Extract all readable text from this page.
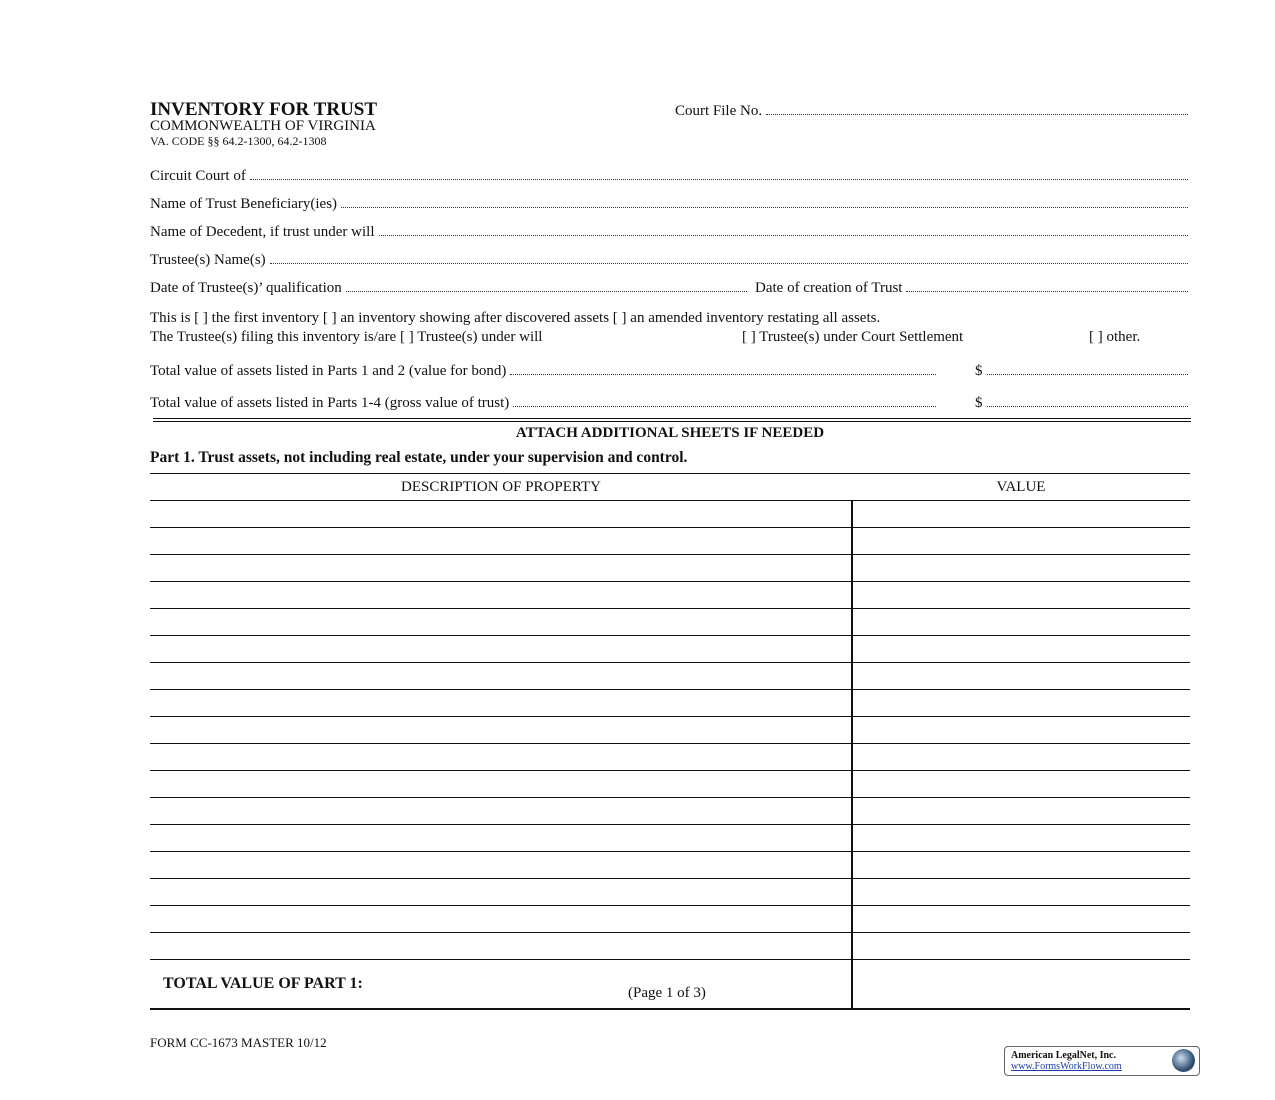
INVENTORY FOR TRUST
COMMONWEALTH OF VIRGINIA
VA. CODE §§ 64.2-1300, 64.2-1308
Court File No.
Circuit Court of
Name of Trust Beneficiary(ies)
Name of Decedent, if trust under will
Trustee(s) Name(s)
Date of Trustee(s)’ qualification	Date of creation of Trust
This is [ ] the first inventory [ ] an inventory showing after discovered assets [ ] an amended inventory restating all assets.
The Trustee(s) filing this inventory is/are [ ] Trustee(s) under will	[ ] Trustee(s) under Court Settlement	[ ] other.
Total value of assets listed in Parts 1 and 2 (value for bond)	$
Total value of assets listed in Parts 1-4 (gross value of trust)	$
ATTACH ADDITIONAL SHEETS IF NEEDED
Part 1. Trust assets, not including real estate, under your supervision and control.
DESCRIPTION OF PROPERTY	VALUE

TOTAL VALUE OF PART 1:	
(Page 1 of 3)
FORM CC-1673 MASTER 10/12
American LegalNet, Inc.
www.FormsWorkFlow.com
